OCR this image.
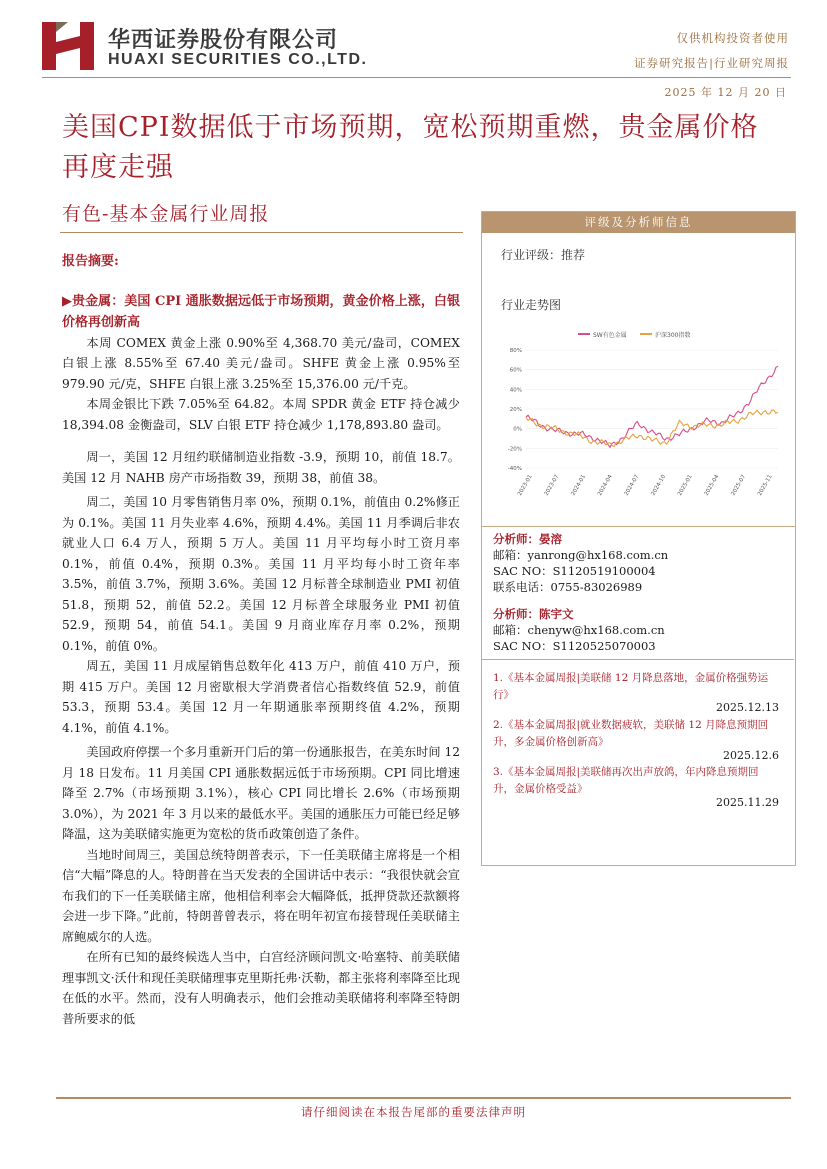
华西证券股份有限公司
HUAXI SECURITIES CO.,LTD.
仅供机构投资者使用
证券研究报告|行业研究周报
2025 年 12 月 20 日
美国CPI数据低于市场预期，宽松预期重燃，贵金属价格再度走强
有色-基本金属行业周报

报告摘要:

▶贵金属：美国 CPI 通胀数据远低于市场预期，黄金价格上涨，白银价格再创新高

本周 COMEX 黄金上涨 0.90%至 4,368.70 美元/盎司，COMEX 白银上涨 8.55%至 67.40 美元/盎司。SHFE 黄金上涨 0.95%至 979.90 元/克，SHFE 白银上涨 3.25%至 15,376.00 元/千克。

本周金银比下跌 7.05%至 64.82。本周 SPDR 黄金 ETF 持仓减少 18,394.08 金衡盎司，SLV 白银 ETF 持仓减少 1,178,893.80 盎司。

周一，美国 12 月纽约联储制造业指数 -3.9，预期 10，前值 18.7。美国 12 月 NAHB 房产市场指数 39，预期 38，前值 38。

周二，美国 10 月零售销售月率 0%，预期 0.1%，前值由 0.2%修正为 0.1%。美国 11 月失业率 4.6%，预期 4.4%。美国 11 月季调后非农就业人口 6.4 万人，预期 5 万人。美国 11 月平均每小时工资月率 0.1%，前值 0.4%，预期 0.3%。美国 11 月平均每小时工资年率 3.5%，前值 3.7%，预期 3.6%。美国 12 月标普全球制造业 PMI 初值 51.8，预期 52，前值 52.2。美国 12 月标普全球服务业 PMI 初值 52.9，预期 54，前值 54.1。美国 9 月商业库存月率 0.2%，预期 0.1%，前值 0%。

周五，美国 11 月成屋销售总数年化 413 万户，前值 410 万户，预期 415 万户。美国 12 月密歇根大学消费者信心指数终值 52.9，前值 53.3，预期 53.4。美国 12 月一年期通胀率预期终值 4.2%，预期 4.1%，前值 4.1%。

美国政府停摆一个多月重新开门后的第一份通胀报告，在美东时间 12 月 18 日发布。11 月美国 CPI 通胀数据远低于市场预期。CPI 同比增速降至 2.7%（市场预期 3.1%），核心 CPI 同比增长 2.6%（市场预期 3.0%），为 2021 年 3 月以来的最低水平。美国的通胀压力可能已经足够降温，这为美联储实施更为宽松的货币政策创造了条件。

当地时间周三，美国总统特朗普表示，下一任美联储主席将是一个相信“大幅”降息的人。特朗普在当天发表的全国讲话中表示：“我很快就会宣布我们的下一任美联储主席，他相信利率会大幅降低，抵押贷款还款额将会进一步下降。”此前，特朗普曾表示，将在明年初宣布接替现任美联储主席鲍威尔的人选。

在所有已知的最终候选人当中，白宫经济顾问凯文·哈塞特、前美联储理事凯文·沃什和现任美联储理事克里斯托弗·沃勒，都主张将利率降至比现在低的水平。然而，没有人明确表示，他们会推动美联储将利率降至特朗普所要求的低

评级及分析师信息
行业评级：推荐
行业走势图
SW有色金属	沪深300指数
80%
60%
40%
20%
0%
-20%
-40%
2023-01 2023-07 2024-01 2024-04 2024-07 2024-10 2025-01 2025-04 2025-07 2025-11
分析师：晏溶
邮箱：yanrong@hx168.com.cn
SAC NO：S1120519100004
联系电话：0755-83026989
分析师：陈宇文
邮箱：chenyw@hx168.com.cn
SAC NO：S1120525070003
1.《基本金属周报|美联储 12 月降息落地，金属价格强势运行》
2025.12.13
2.《基本金属周报|就业数据疲软，美联储 12 月降息预期回升，多金属价格创新高》
2025.12.6
3.《基本金属周报|美联储再次出声放鸽，年内降息预期回升，金属价格受益》
2025.11.29
请仔细阅读在本报告尾部的重要法律声明
